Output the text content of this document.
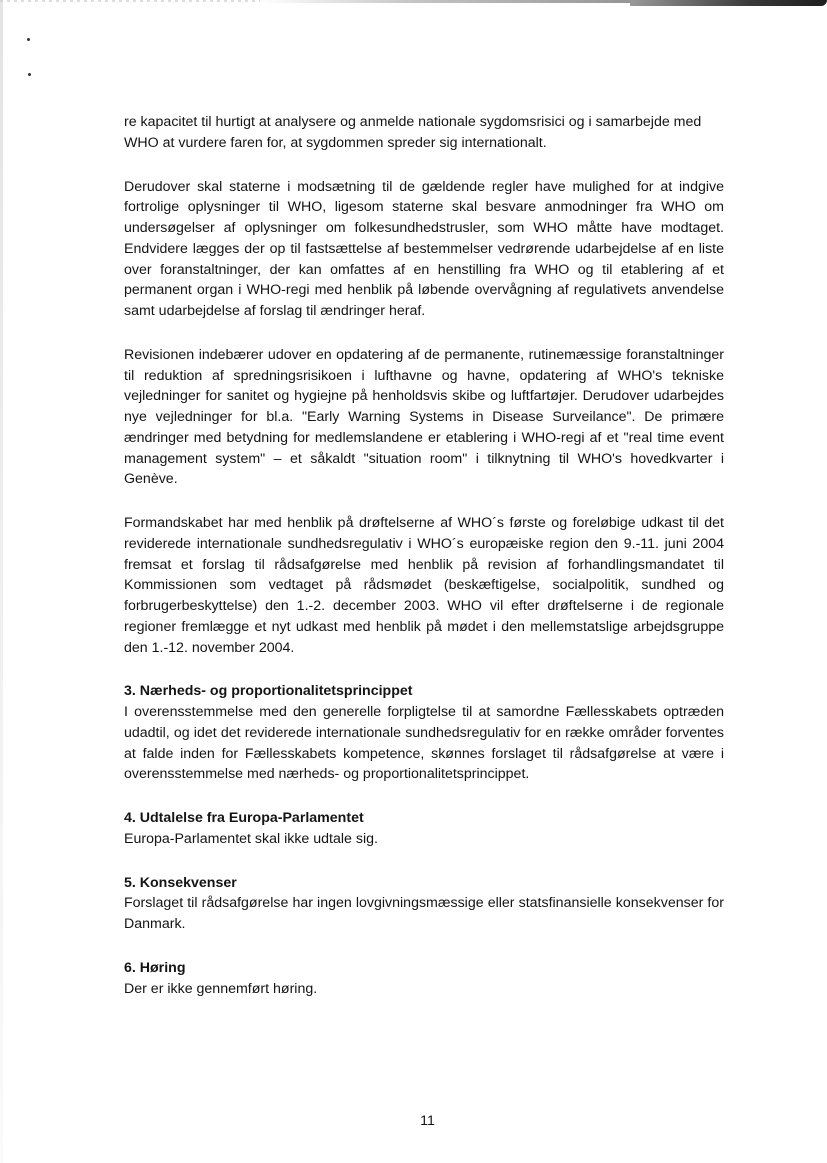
re kapacitet til hurtigt at analysere og anmelde nationale sygdomsrisici og i samarbejde med WHO at vurdere faren for, at sygdommen spreder sig internationalt.

Derudover skal staterne i modsætning til de gældende regler have mulighed for at indgive fortrolige oplysninger til WHO, ligesom staterne skal besvare anmodninger fra WHO om undersøgelser af oplysninger om folkesundhedstrusler, som WHO måtte have modtaget. Endvidere lægges der op til fastsættelse af bestemmelser vedrørende udarbejdelse af en liste over foranstaltninger, der kan omfattes af en henstilling fra WHO og til etablering af et permanent organ i WHO-regi med henblik på løbende overvågning af regulativets anvendelse samt udarbejdelse af forslag til ændringer heraf.

Revisionen indebærer udover en opdatering af de permanente, rutinemæssige foranstaltninger til reduktion af spredningsrisikoen i lufthavne og havne, opdatering af WHO's tekniske vejledninger for sanitet og hygiejne på henholdsvis skibe og luftfartøjer. Derudover udarbejdes nye vejledninger for bl.a. "Early Warning Systems in Disease Surveilance". De primære ændringer med betydning for medlemslandene er etablering i WHO-regi af et "real time event management system" – et såkaldt "situation room" i tilknytning til WHO's hovedkvarter i Genève.

Formandskabet har med henblik på drøftelserne af WHO´s første og foreløbige udkast til det reviderede internationale sundhedsregulativ i WHO´s europæiske region den 9.-11. juni 2004 fremsat et forslag til rådsafgørelse med henblik på revision af forhandlingsmandatet til Kommissionen som vedtaget på rådsmødet (beskæftigelse, socialpolitik, sundhed og forbrugerbeskyttelse) den 1.-2. december 2003. WHO vil efter drøftelserne i de regionale regioner fremlægge et nyt udkast med henblik på mødet i den mellemstatslige arbejdsgruppe den 1.-12. november 2004.

3. Nærheds- og proportionalitetsprincippet

I overensstemmelse med den generelle forpligtelse til at samordne Fællesskabets optræden udadtil, og idet det reviderede internationale sundhedsregulativ for en række områder forventes at falde inden for Fællesskabets kompetence, skønnes forslaget til rådsafgørelse at være i overensstemmelse med nærheds- og proportionalitetsprincippet.

4. Udtalelse fra Europa-Parlamentet

Europa-Parlamentet skal ikke udtale sig.

5. Konsekvenser

Forslaget til rådsafgørelse har ingen lovgivningsmæssige eller statsfinansielle konsekvenser for Danmark.

6. Høring

Der er ikke gennemført høring.

11
